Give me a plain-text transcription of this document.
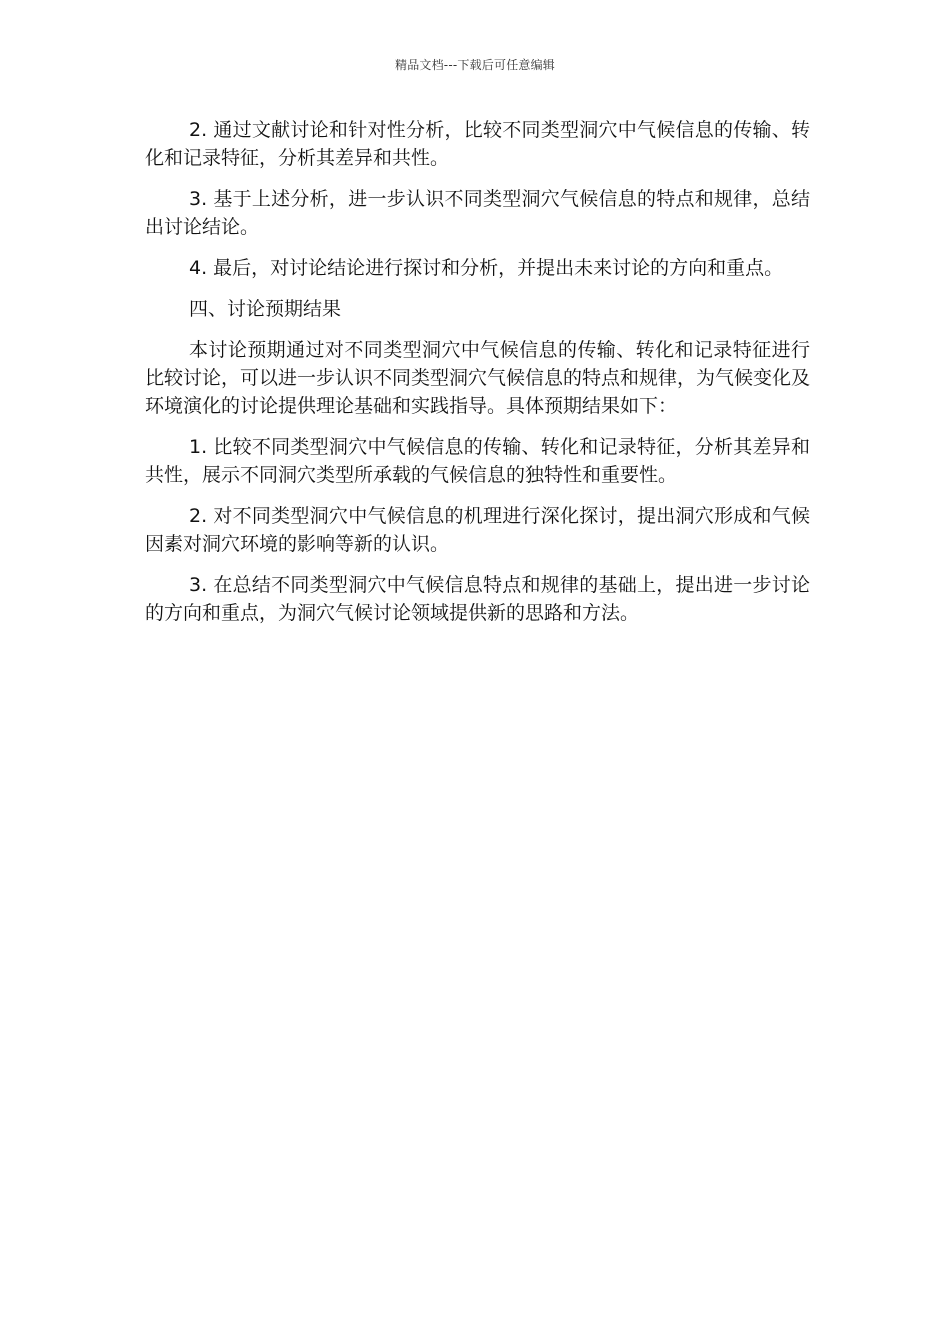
精品文档---下载后可任意编辑

2. 通过文献讨论和针对性分析，比较不同类型洞穴中气候信息的传输、转化和记录特征，分析其差异和共性。

3. 基于上述分析，进一步认识不同类型洞穴气候信息的特点和规律，总结出讨论结论。

4. 最后，对讨论结论进行探讨和分析，并提出未来讨论的方向和重点。

四、讨论预期结果

本讨论预期通过对不同类型洞穴中气候信息的传输、转化和记录特征进行比较讨论，可以进一步认识不同类型洞穴气候信息的特点和规律，为气候变化及环境演化的讨论提供理论基础和实践指导。具体预期结果如下：

1. 比较不同类型洞穴中气候信息的传输、转化和记录特征，分析其差异和共性，展示不同洞穴类型所承载的气候信息的独特性和重要性。

2. 对不同类型洞穴中气候信息的机理进行深化探讨，提出洞穴形成和气候因素对洞穴环境的影响等新的认识。

3. 在总结不同类型洞穴中气候信息特点和规律的基础上，提出进一步讨论的方向和重点，为洞穴气候讨论领域提供新的思路和方法。
